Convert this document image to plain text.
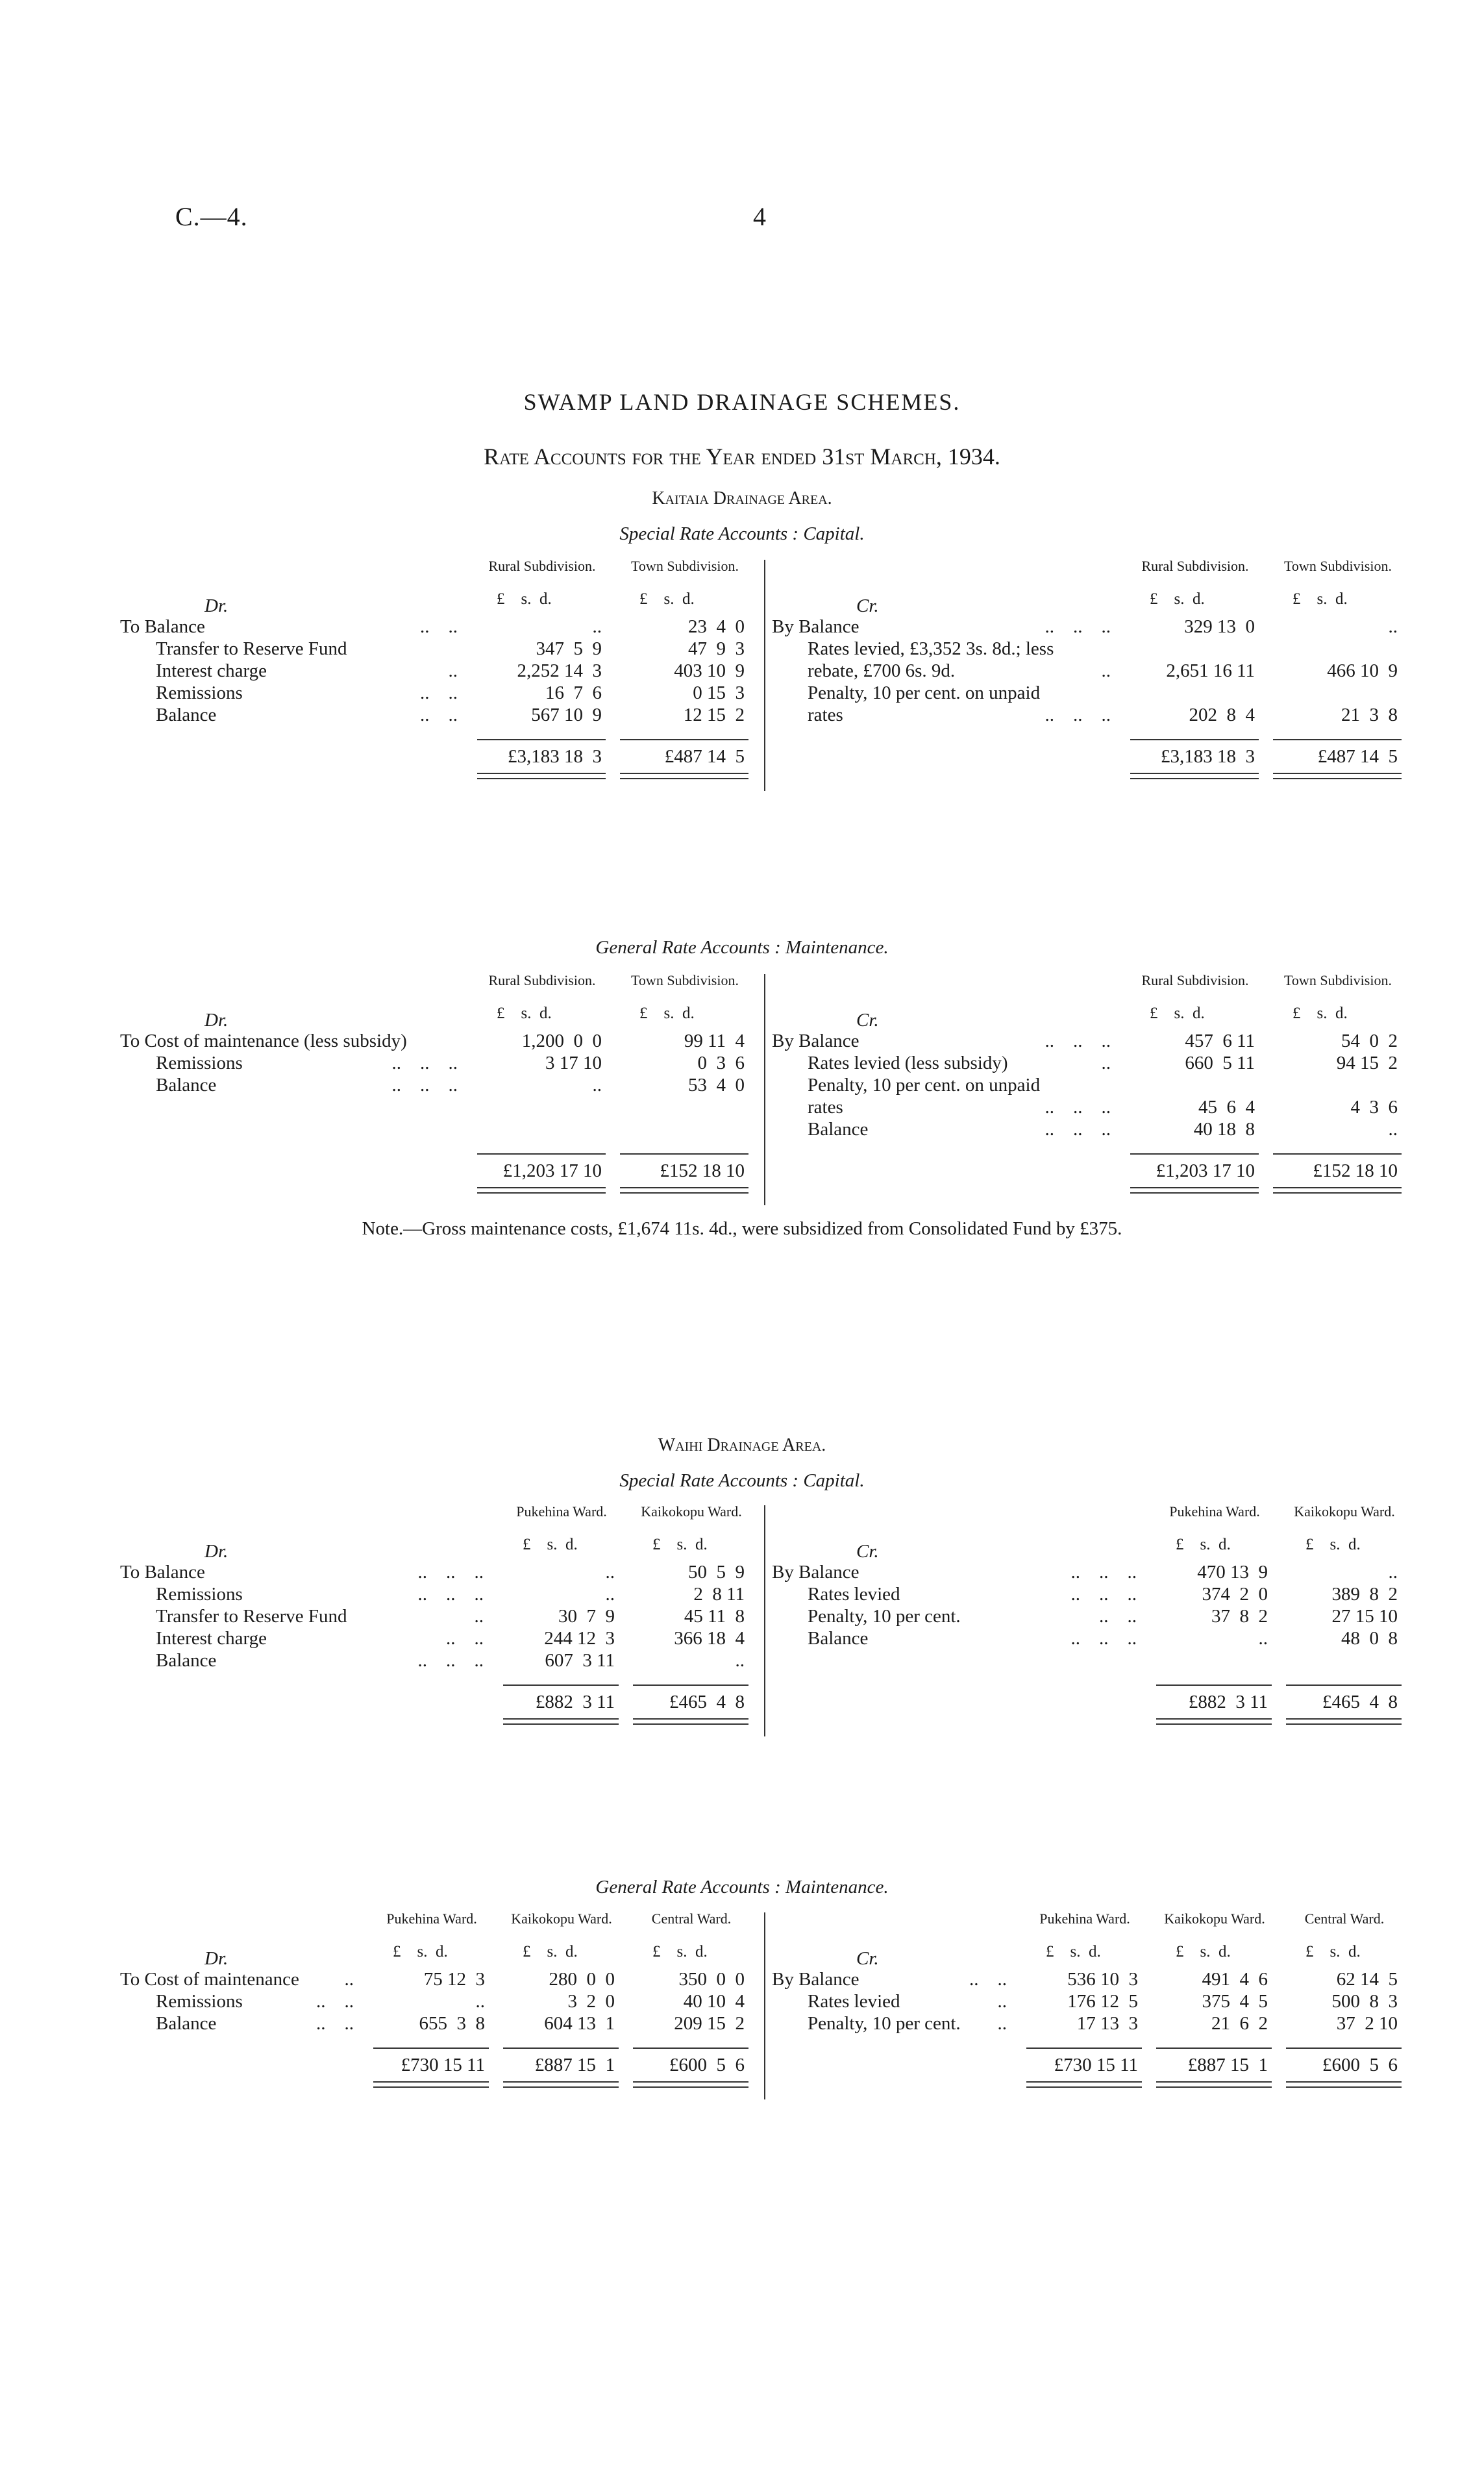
C.—4.	4
SWAMP LAND DRAINAGE SCHEMES.
Rate Accounts for the Year ended 31st March, 1934.
Kaitaia Drainage Area.
Special Rate Accounts : Capital.
Rural Subdivision.
£    s.  d.
Town Subdivision.
£    s.  d.
Dr.
To Balance	..	23  4  0
Transfer to Reserve Fund	347  5  9	47  9  3
Interest charge	2,252 14  3	403 10  9
Remissions	16  7  6	0 15  3
Balance	567 10  9	12 15  2
..    ..
..
..    ..
..    ..
£3,183 18  3	£487 14  5
Rural Subdivision.
£    s.  d.
Town Subdivision.
£    s.  d.
Cr.
By Balance	329 13  0	..
Rates levied, £3,352 3s. 8d.; less
rebate, £700 6s. 9d.	2,651 16 11	466 10  9
Penalty, 10 per cent. on unpaid
rates	202  8  4	21  3  8
..    ..    ..
..
..    ..    ..
£3,183 18  3	£487 14  5
General Rate Accounts : Maintenance.
Rural Subdivision.
£    s.  d.
Town Subdivision.
£    s.  d.
Dr.
To Cost of maintenance (less subsidy)	1,200  0  0	99 11  4
Remissions	3 17 10	0  3  6
Balance	..	53  4  0
..    ..    ..
..    ..    ..
£1,203 17 10	£152 18 10
Rural Subdivision.
£    s.  d.
Town Subdivision.
£    s.  d.
Cr.
By Balance	457  6 11	54  0  2
Rates levied (less subsidy)	660  5 11	94 15  2
Penalty, 10 per cent. on unpaid
rates	45  6  4	4  3  6
Balance	40 18  8	..
..    ..    ..
..
..    ..    ..
..    ..    ..
£1,203 17 10	£152 18 10
Note.—Gross maintenance costs, £1,674 11s. 4d., were subsidized from Consolidated Fund by £375.
Waihi Drainage Area.
Special Rate Accounts : Capital.
Pukehina Ward.
£    s.  d.
Kaikokopu Ward.
£    s.  d.
Dr.
To Balance	..	50  5  9
Remissions	..	2  8 11
Transfer to Reserve Fund	30  7  9	45 11  8
Interest charge	244 12  3	366 18  4
Balance	607  3 11	..
..    ..    ..
..    ..    ..
..
..    ..
..    ..    ..
£882  3 11	£465  4  8
Pukehina Ward.
£    s.  d.
Kaikokopu Ward.
£    s.  d.
Cr.
By Balance	470 13  9	..
Rates levied	374  2  0	389  8  2
Penalty, 10 per cent.	37  8  2	27 15 10
Balance	..	48  0  8
..    ..    ..
..    ..    ..
..    ..
..    ..    ..
£882  3 11	£465  4  8
General Rate Accounts : Maintenance.
Pukehina Ward.
£    s.  d.
Kaikokopu Ward.
£    s.  d.
Central Ward.
£    s.  d.
Dr.
To Cost of maintenance	75 12  3	280  0  0	350  0  0
Remissions	..	3  2  0	40 10  4
Balance	655  3  8	604 13  1	209 15  2
..
..    ..
..    ..
£730 15 11	£887 15  1	£600  5  6
Pukehina Ward.
£    s.  d.
Kaikokopu Ward.
£    s.  d.
Central Ward.
£    s.  d.
Cr.
By Balance	536 10  3	491  4  6	62 14  5
Rates levied	176 12  5	375  4  5	500  8  3
Penalty, 10 per cent.	17 13  3	21  6  2	37  2 10
..    ..
..
..
£730 15 11	£887 15  1	£600  5  6
